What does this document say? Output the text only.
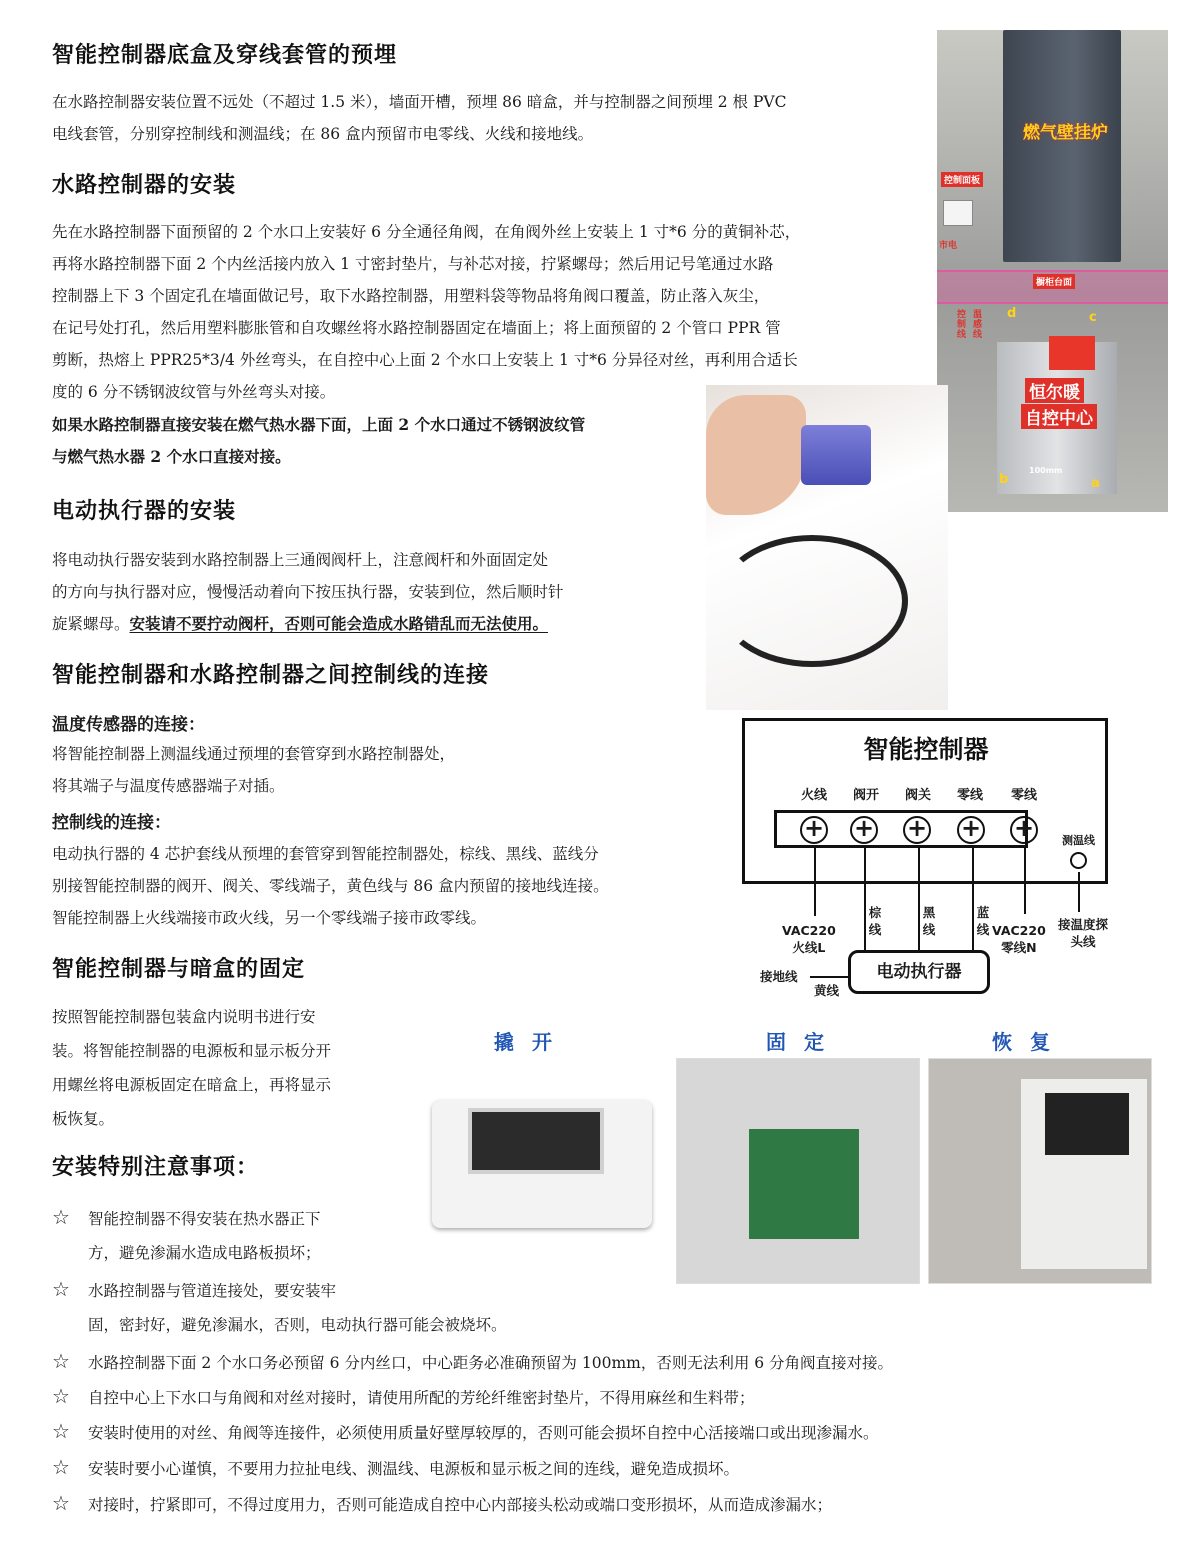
智能控制器底盒及穿线套管的预埋

在水路控制器安装位置不远处（不超过 1.5 米），墙面开槽，预埋 86 暗盒，并与控制器之间预埋 2 根 PVC

电线套管，分别穿控制线和测温线；在 86 盒内预留市电零线、火线和接地线。

水路控制器的安装

先在水路控制器下面预留的 2 个水口上安装好 6 分全通径角阀，在角阀外丝上安装上 1 寸*6 分的黄铜补芯，

再将水路控制器下面 2 个内丝活接内放入 1 寸密封垫片，与补芯对接，拧紧螺母；然后用记号笔通过水路

控制器上下 3 个固定孔在墙面做记号，取下水路控制器，用塑料袋等物品将角阀口覆盖，防止落入灰尘，

在记号处打孔，然后用塑料膨胀管和自攻螺丝将水路控制器固定在墙面上；将上面预留的 2 个管口 PPR 管

剪断，热熔上 PPR25*3/4 外丝弯头，在自控中心上面 2 个水口上安装上 1 寸*6 分异径对丝，再利用合适长

度的 6 分不锈钢波纹管与外丝弯头对接。

如果水路控制器直接安装在燃气热水器下面，上面 2 个水口通过不锈钢波纹管

与燃气热水器 2 个水口直接对接。

电动执行器的安装

将电动执行器安装到水路控制器上三通阀阀杆上，注意阀杆和外面固定处

的方向与执行器对应，慢慢活动着向下按压执行器，安装到位，然后顺时针

旋紧螺母。安装请不要拧动阀杆，否则可能会造成水路错乱而无法使用。

智能控制器和水路控制器之间控制线的连接
温度传感器的连接：

将智能控制器上测温线通过预埋的套管穿到水路控制器处，

将其端子与温度传感器端子对插。

控制线的连接：

电动执行器的 4 芯护套线从预埋的套管穿到智能控制器处，棕线、黑线、蓝线分

别接智能控制器的阀开、阀关、零线端子，黄色线与 86 盒内预留的接地线连接。

智能控制器上火线端接市政火线，另一个零线端子接市政零线。

智能控制器与暗盒的固定

按照智能控制器包装盒内说明书进行安

装。将智能控制器的电源板和显示板分开

用螺丝将电源板固定在暗盒上，再将显示

板恢复。

安装特别注意事项：
☆ 智能控制器不得安装在热水器正下
方，避免渗漏水造成电路板损坏；
☆ 水路控制器与管道连接处，要安装牢
固，密封好，避免渗漏水，否则，电动执行器可能会被烧坏。
☆ 水路控制器下面 2 个水口务必预留 6 分内丝口，中心距务必准确预留为 100mm，否则无法利用 6 分角阀直接对接。
☆ 自控中心上下水口与角阀和对丝对接时，请使用所配的芳纶纤维密封垫片，不得用麻丝和生料带；
☆ 安装时使用的对丝、角阀等连接件，必须使用质量好壁厚较厚的，否则可能会损坏自控中心活接端口或出现渗漏水。
☆ 安装时要小心谨慎，不要用力拉扯电线、测温线、电源板和显示板之间的连线，避免造成损坏。
☆ 对接时，拧紧即可，不得过度用力，否则可能造成自控中心内部接头松动或端口变形损坏，从而造成渗漏水；
燃气壁挂炉
控制面板
市电
橱柜台面
控制线
温感线
恒尔暖
自控中心
d	c
b	a
100mm
智能控制器
火线	阀开	阀关	零线	零线
+ + + + +	测温线
VAC220
火线L
棕线
黑线
蓝线 VAC220
零线N
接温度探头线
接地线
黄线
电动执行器
撬开	固定	恢复
